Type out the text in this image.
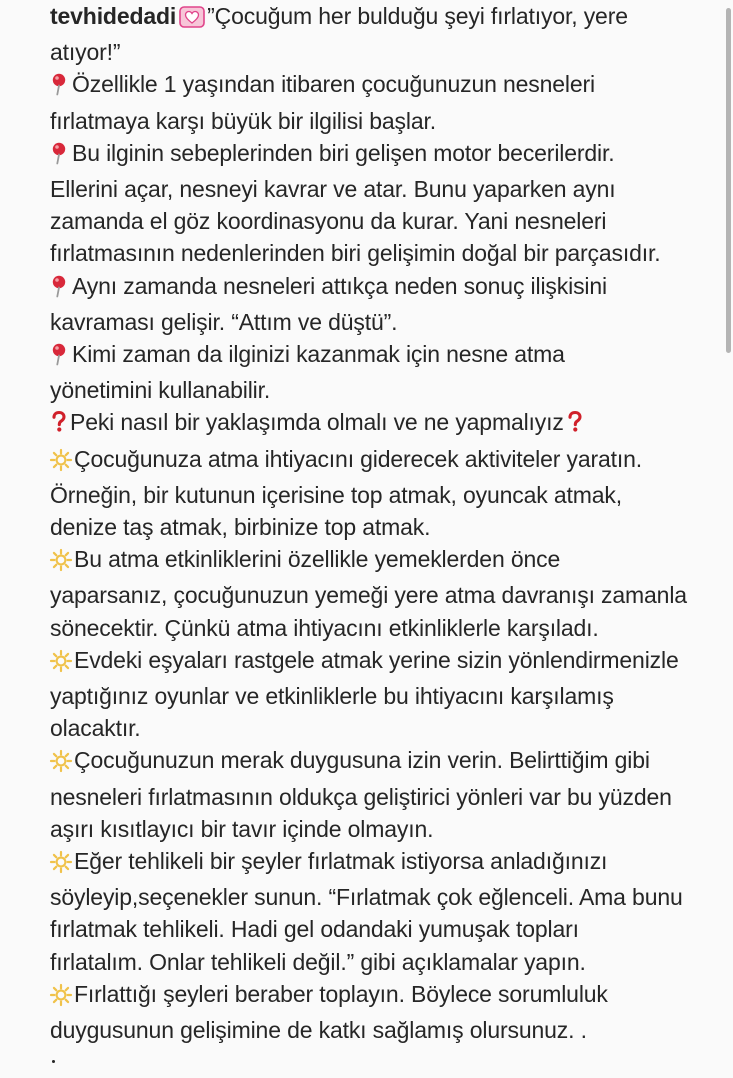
tevhidedadi ”Çocuğum her bulduğu şeyi fırlatıyor, yere
atıyor!”
Özellikle 1 yaşından itibaren çocuğunuzun nesneleri
fırlatmaya karşı büyük bir ilgilisi başlar.
Bu ilginin sebeplerinden biri gelişen motor becerilerdir.
Ellerini açar, nesneyi kavrar ve atar. Bunu yaparken aynı
zamanda el göz koordinasyonu da kurar. Yani nesneleri
fırlatmasının nedenlerinden biri gelişimin doğal bir parçasıdır.
Aynı zamanda nesneleri attıkça neden sonuç ilişkisini
kavraması gelişir. “Attım ve düştü”.
Kimi zaman da ilginizi kazanmak için nesne atma
yönetimini kullanabilir.
Peki nasıl bir yaklaşımda olmalı ve ne yapmalıyız
Çocuğunuza atma ihtiyacını giderecek aktiviteler yaratın.
Örneğin, bir kutunun içerisine top atmak, oyuncak atmak,
denize taş atmak, birbinize top atmak.
Bu atma etkinliklerini özellikle yemeklerden önce
yaparsanız, çocuğunuzun yemeği yere atma davranışı zamanla
sönecektir. Çünkü atma ihtiyacını etkinliklerle karşıladı.
Evdeki eşyaları rastgele atmak yerine sizin yönlendirmenizle
yaptığınız oyunlar ve etkinliklerle bu ihtiyacını karşılamış
olacaktır.
Çocuğunuzun merak duygusuna izin verin. Belirttiğim gibi
nesneleri fırlatmasının oldukça geliştirici yönleri var bu yüzden
aşırı kısıtlayıcı bir tavır içinde olmayın.
Eğer tehlikeli bir şeyler fırlatmak istiyorsa anladığınızı
söyleyip,seçenekler sunun. “Fırlatmak çok eğlenceli. Ama bunu
fırlatmak tehlikeli. Hadi gel odandaki yumuşak topları
fırlatalım. Onlar tehlikeli değil.” gibi açıklamalar yapın.
Fırlattığı şeyleri beraber toplayın. Böylece sorumluluk
duygusunun gelişimine de katkı sağlamış olursunuz. .
